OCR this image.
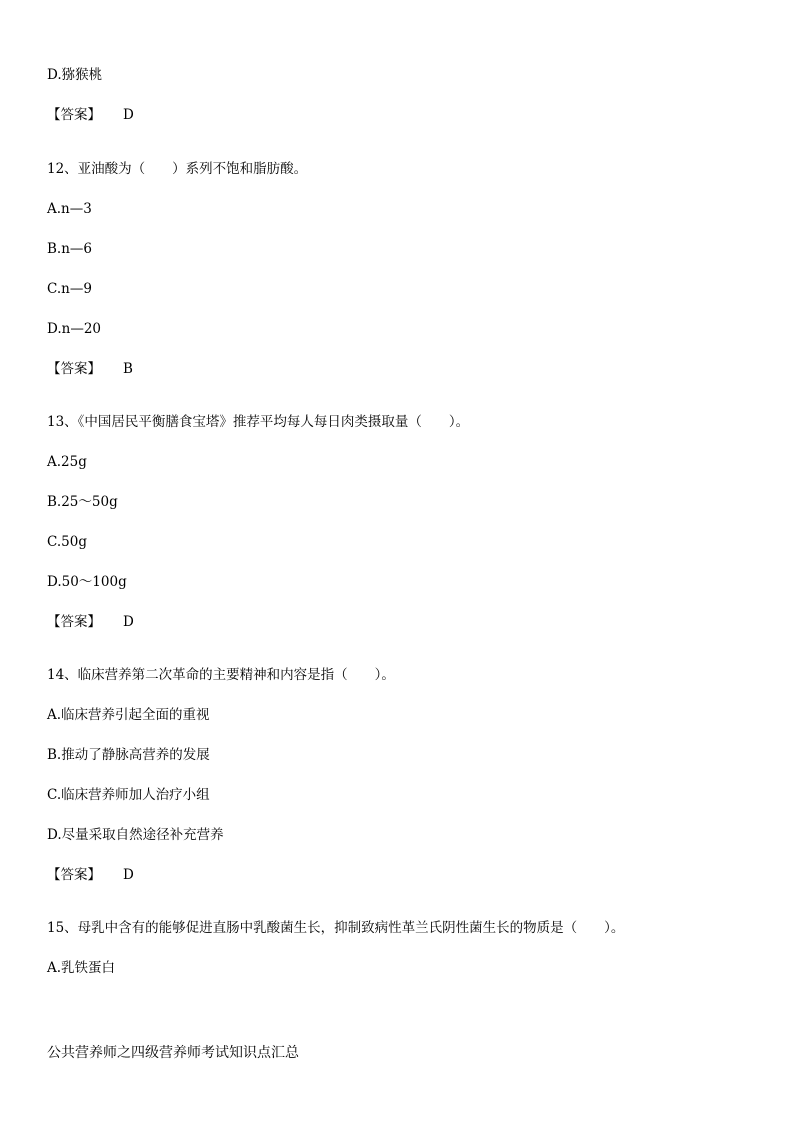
D.猕猴桃
【答案】 D
12、亚油酸为（　　）系列不饱和脂肪酸。
A.n—3
B.n—6
C.n—9
D.n—20
【答案】 B
13、《中国居民平衡膳食宝塔》推荐平均每人每日肉类摄取量（　　）。
A.25g
B.25～50g
C.50g
D.50～100g
【答案】 D
14、临床营养第二次革命的主要精神和内容是指（　　）。
A.临床营养引起全面的重视
B.推动了静脉高营养的发展
C.临床营养师加人治疗小组
D.尽量采取自然途径补充营养
【答案】 D
15、母乳中含有的能够促进直肠中乳酸菌生长，抑制致病性革兰氏阴性菌生长的物质是（　　）。
A.乳铁蛋白
公共营养师之四级营养师考试知识点汇总
